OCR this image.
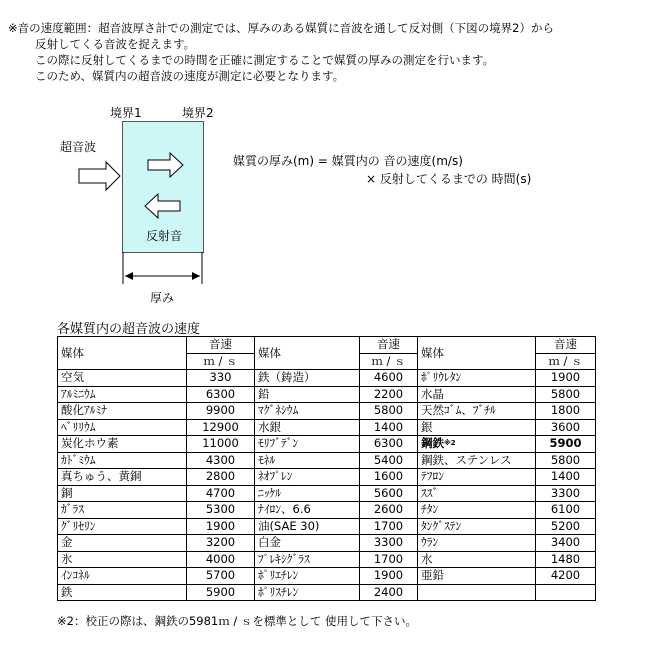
※音の速度範囲：超音波厚さ計での測定では、厚みのある媒質に音波を通して反対側（下図の境界2）から
反射してくる音波を捉えます。
この際に反射してくるまでの時間を正確に測定することで媒質の厚みの測定を行います。
このため、媒質内の超音波の速度が測定に必要となります。
境界1	境界2
超音波
反射音
厚み
媒質の厚み(m) = 媒質内の 音の速度(m/s)
× 反射してくるまでの 時間(s)
各媒質内の超音波の速度
媒体	音速	媒体	音速	媒体	音速
	ｍ / ｓ		ｍ / ｓ		ｍ / ｓ
空気	330	鉄（鋳造）	4600	ﾎﾟﾘｳﾚﾀﾝ	1900
ｱﾙﾐﾆｳﾑ	6300	鉛	2200	水晶	5800
酸化ｱﾙﾐﾅ	9900	ﾏｸﾞﾈｼｳﾑ	5800	天然ｺﾞﾑ、ﾌﾞﾁﾙ	1800
ﾍﾞﾘﾘｳﾑ	12900	水銀	1400	銀	3600
炭化ホウ素	11000	ﾓﾘﾌﾞﾃﾞﾝ	6300	鋼鉄$^{※2}$	5900
ｶﾄﾞﾐｳﾑ	4300	ﾓﾈﾙ	5400	鋼鉄、ステンレス	5800
真ちゅう、黄銅	2800	ﾈｵﾌﾟﾚﾝ	1600	ﾃﾌﾛﾝ	1400
銅	4700	ﾆｯｹﾙ	5600	ｽｽﾞ	3300
ｶﾞﾗｽ	5300	ﾅｲﾛﾝ、6.6	2600	ﾁﾀﾝ	6100
ｸﾞﾘｾﾘﾝ	1900	油(SAE 30)	1700	ﾀﾝｸﾞｽﾃﾝ	5200
金	3200	白金	3300	ｳﾗﾝ	3400
氷	4000	ﾌﾟﾚｷｼｸﾞﾗｽ	1700	水	1480
ｲﾝｺﾈﾙ	5700	ﾎﾟﾘｴﾁﾚﾝ	1900	亜鉛	4200
鉄	5900	ﾎﾟﾘｽﾁﾚﾝ	2400		
※2：校正の際は、鋼鉄の5981ｍ / ｓを標準として 使用して下さい。
